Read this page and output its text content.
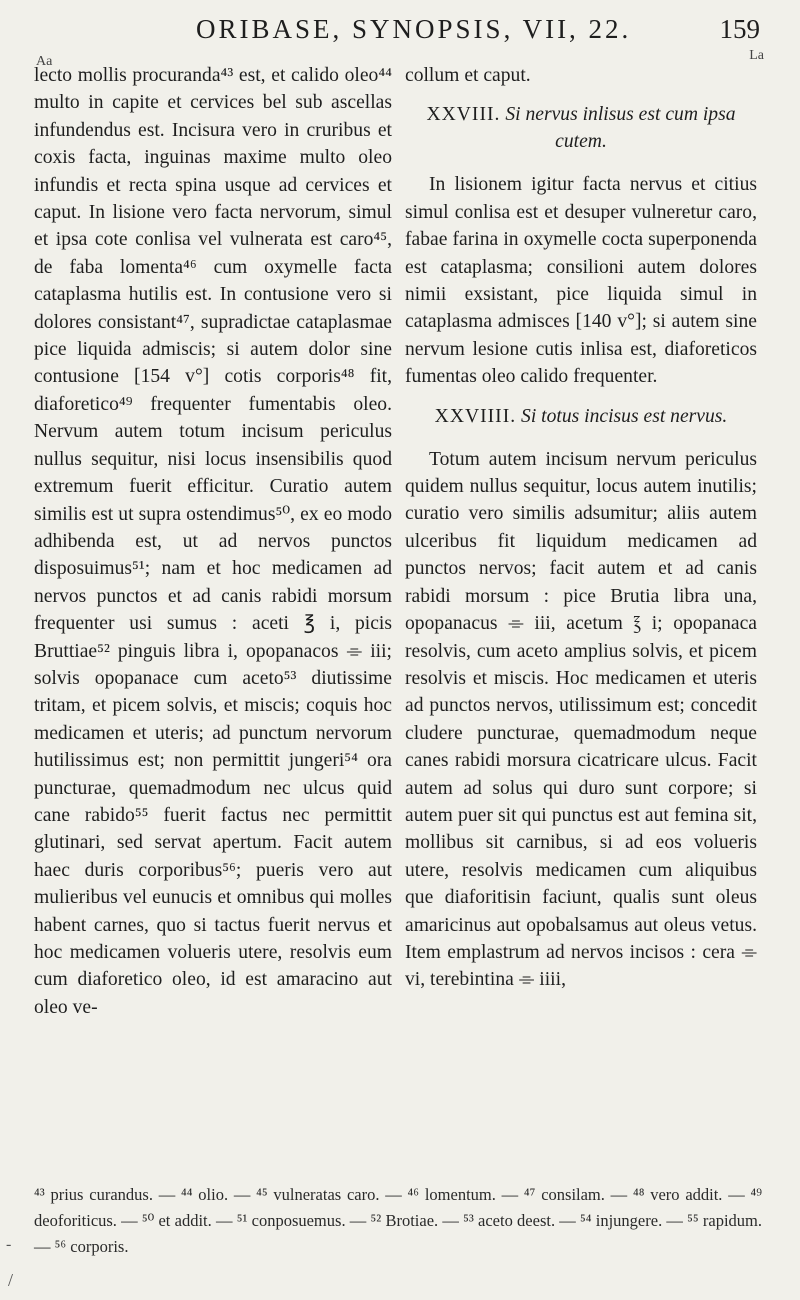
ORIBASE, SYNOPSIS, VII, 22.	159
Aa	La

lecto mollis procuranda⁴³ est, et calido oleo⁴⁴ multo in capite et cervices bel sub ascellas infundendus est. Incisura vero in cruribus et coxis facta, inguinas maxime multo oleo infundis et recta spina usque ad cervices et caput. In lisione vero facta nervorum, simul et ipsa cote conlisa vel vulnerata est caro⁴⁵, de faba lomenta⁴⁶ cum oxymelle facta cataplasma hutilis est. In contusione vero si dolores consistant⁴⁷, supradictae cataplasmae pice liquida admiscis; si autem dolor sine contusione [154 v°] cotis corporis⁴⁸ fit, diaforetico⁴⁹ frequenter fumentabis oleo. Nervum autem totum incisum periculus nullus sequitur, nisi locus insensibilis quod extremum fuerit efficitur. Curatio autem similis est ut supra ostendimus⁵⁰, ex eo modo adhibenda est, ut ad nervos punctos disposuimus⁵¹; nam et hoc medicamen ad nervos punctos et ad canis rabidi morsum frequenter usi sumus : aceti ℥ i, picis Bruttiae⁵² pinguis libra i, opopanacos ⌯ iii; solvis opopanace cum aceto⁵³ diutissime tritam, et picem solvis, et miscis; coquis hoc medicamen et uteris; ad punctum nervorum hutilissimus est; non permittit jungeri⁵⁴ ora puncturae, quemadmodum nec ulcus quid cane rabido⁵⁵ fuerit factus nec permittit glutinari, sed servat apertum. Facit autem haec duris corporibus⁵⁶; pueris vero aut mulieribus vel eunucis et omnibus qui molles habent carnes, quo si tactus fuerit nervus et hoc medicamen volueris utere, resolvis eum cum diaforetico oleo, id est amaracino aut oleo ve-

collum et caput.

XXVIII. Si nervus inlisus est cum ipsa cutem.

In lisionem igitur facta nervus et citius simul conlisa est et desuper vulneretur caro, fabae farina in oxymelle cocta superponenda est cataplasma; consilioni autem dolores nimii exsistant, pice liquida simul in cataplasma admisces [140 v°]; si autem sine nervum lesione cutis inlisa est, diaforeticos fumentas oleo calido frequenter.

XXVIIII. Si totus incisus est nervus.

Totum autem incisum nervum periculus quidem nullus sequitur, locus autem inutilis; curatio vero similis adsumitur; aliis autem ulceribus fit liquidum medicamen ad punctos nervos; facit autem et ad canis rabidi morsum : pice Brutia libra una, opopanacus ⌯ iii, acetum ℥ i; opopanaca resolvis, cum aceto amplius solvis, et picem resolvis et miscis. Hoc medicamen et uteris ad punctos nervos, utilissimum est; concedit cludere puncturae, quemadmodum neque canes rabidi morsura cicatricare ulcus. Facit autem ad solus qui duro sunt corpore; si autem puer sit qui punctus est aut femina sit, mollibus sit carnibus, si ad eos volueris utere, resolvis medicamen cum aliquibus que diaforitisin faciunt, qualis sunt oleus amaricinus aut opobalsamus aut oleus vetus. Item emplastrum ad nervos incisos : cera ⌯ vi, terebintina ⌯ iiii,

⁴³ prius curandus. — ⁴⁴ olio. — ⁴⁵ vulneratas caro. — ⁴⁶ lomentum. — ⁴⁷ consilam. — ⁴⁸ vero addit. — ⁴⁹ deoforiticus. — ⁵⁰ et addit. — ⁵¹ conposuemus. — ⁵² Brotiae. — ⁵³ aceto deest. — ⁵⁴ injungere. — ⁵⁵ rapidum. — ⁵⁶ corporis.

-
/
